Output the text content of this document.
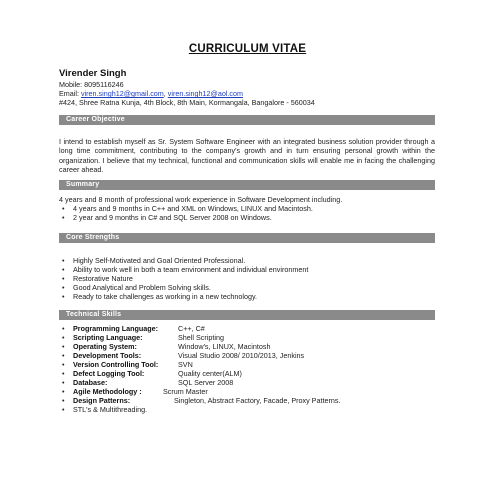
CURRICULUM VITAE
Virender Singh
Mobile: 8095116246
Email: viren.singh12@gmail.com, viren.singh12@aol.com
#424, Shree Ratna Kunja, 4th Block, 8th Main, Kormangala, Bangalore - 560034
Career Objective
I intend to establish myself as Sr. System Software Engineer with an integrated business solution provider through a long time commitment, contributing to the company's growth and in turn ensuring personal growth within the organization. I believe that my technical, functional and communication skills will enable me in facing the challenging career ahead.
Summary
4 years and 8 month of professional work experience in Software Development including.
• 4 years and 9 months in C++ and XML on Windows, LINUX and Macintosh.
• 2 year and 9 months in C# and SQL Server 2008 on Windows.
Core Strengths
• Highly Self-Motivated and Goal Oriented Professional.
• Ability to work well in both a team environment and individual environment
• Restorative Nature
• Good Analytical and Problem Solving skills.
• Ready to take challenges as working in a new technology.
Technical Skills
• Programming Language:	C++, C#
• Scripting Language:	Shell Scripting
• Operating System:	Window's, LINUX, Macintosh
• Development Tools:	Visual Studio 2008/ 2010/2013, Jenkins
• Version Controlling Tool:	SVN
• Defect Logging Tool:	Quality center(ALM)
• Database:	SQL Server 2008
• Agile Methodology :	Scrum Master
• Design Patterns:	Singleton, Abstract Factory, Facade, Proxy Patterns.
• STL's & Multithreading.
